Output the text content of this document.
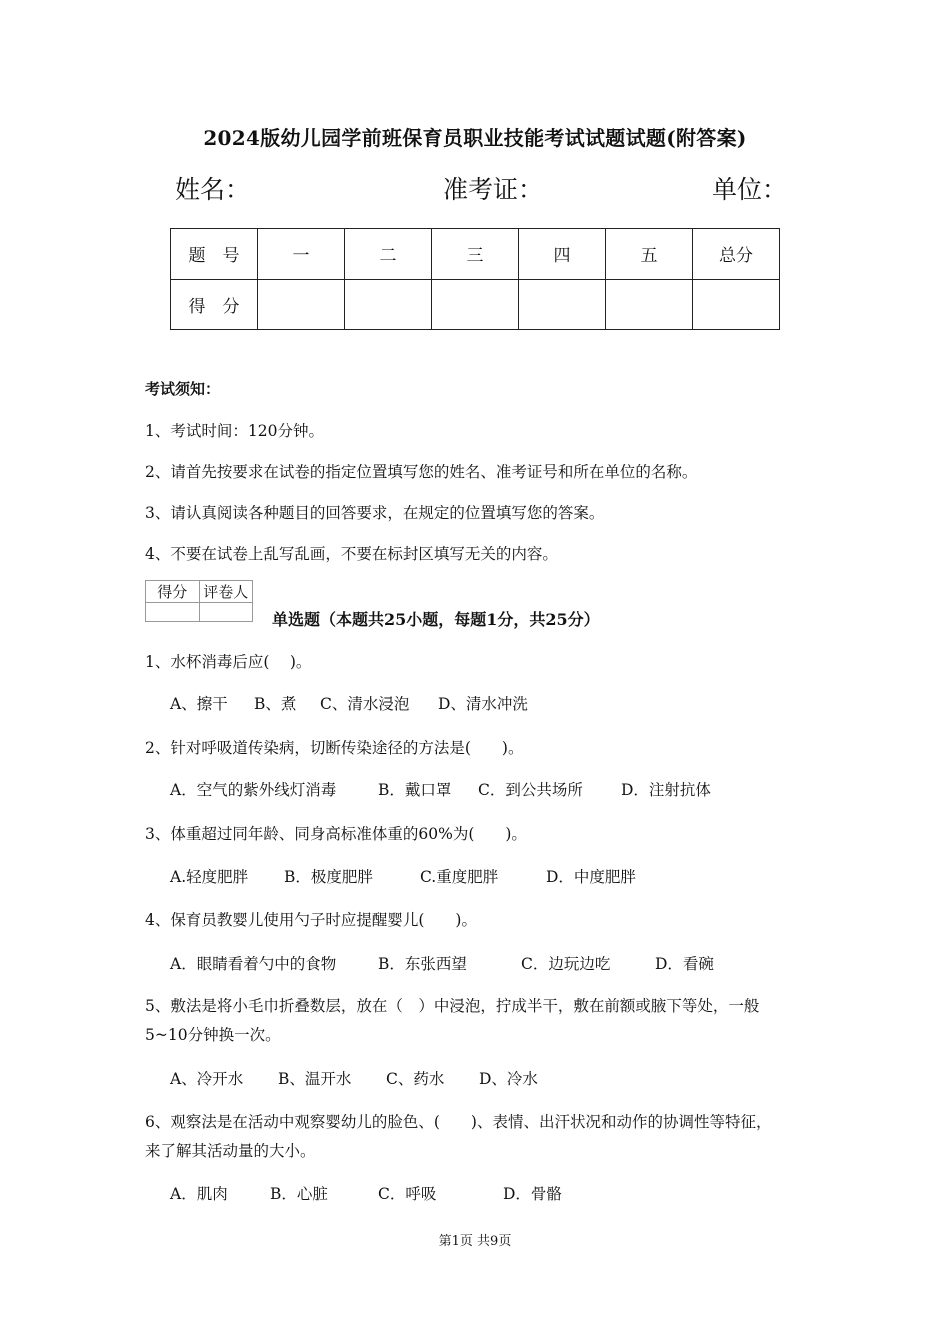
2024版幼儿园学前班保育员职业技能考试试题试题(附答案)
姓名：	准考证：	单位：
题　号	一	二	三	四	五	总分
得　分						
考试须知：
1、考试时间：120分钟。
2、请首先按要求在试卷的指定位置填写您的姓名、准考证号和所在单位的名称。
3、请认真阅读各种题目的回答要求，在规定的位置填写您的答案。
4、不要在试卷上乱写乱画，不要在标封区填写无关的内容。
得分	评卷人

单选题（本题共25小题，每题1分，共25分）
1、水杯消毒后应(　 )。
A、擦干 B、煮 C、清水浸泡 D、清水冲洗
2、针对呼吸道传染病，切断传染途径的方法是(　　)。
A．空气的紫外线灯消毒	B．戴口罩 C．到公共场所 D．注射抗体
3、体重超过同年龄、同身高标准体重的60%为(　　)。
A.轻度肥胖 B．极度肥胖	C.重度肥胖	D．中度肥胖
4、保育员教婴儿使用勺子时应提醒婴儿(　　)。
A．眼睛看着勺中的食物	B．东张西望	C．边玩边吃	D．看碗
5、敷法是将小毛巾折叠数层，放在（　）中浸泡，拧成半干，敷在前额或腋下等处，一般
5~10分钟换一次。
A、冷开水 B、温开水 C、药水 D、冷水
6、观察法是在活动中观察婴幼儿的脸色、(　　)、表情、出汗状况和动作的协调性等特征，
来了解其活动量的大小。
A．肌肉	B．心脏	C．呼吸	D．骨骼
第1页 共9页
